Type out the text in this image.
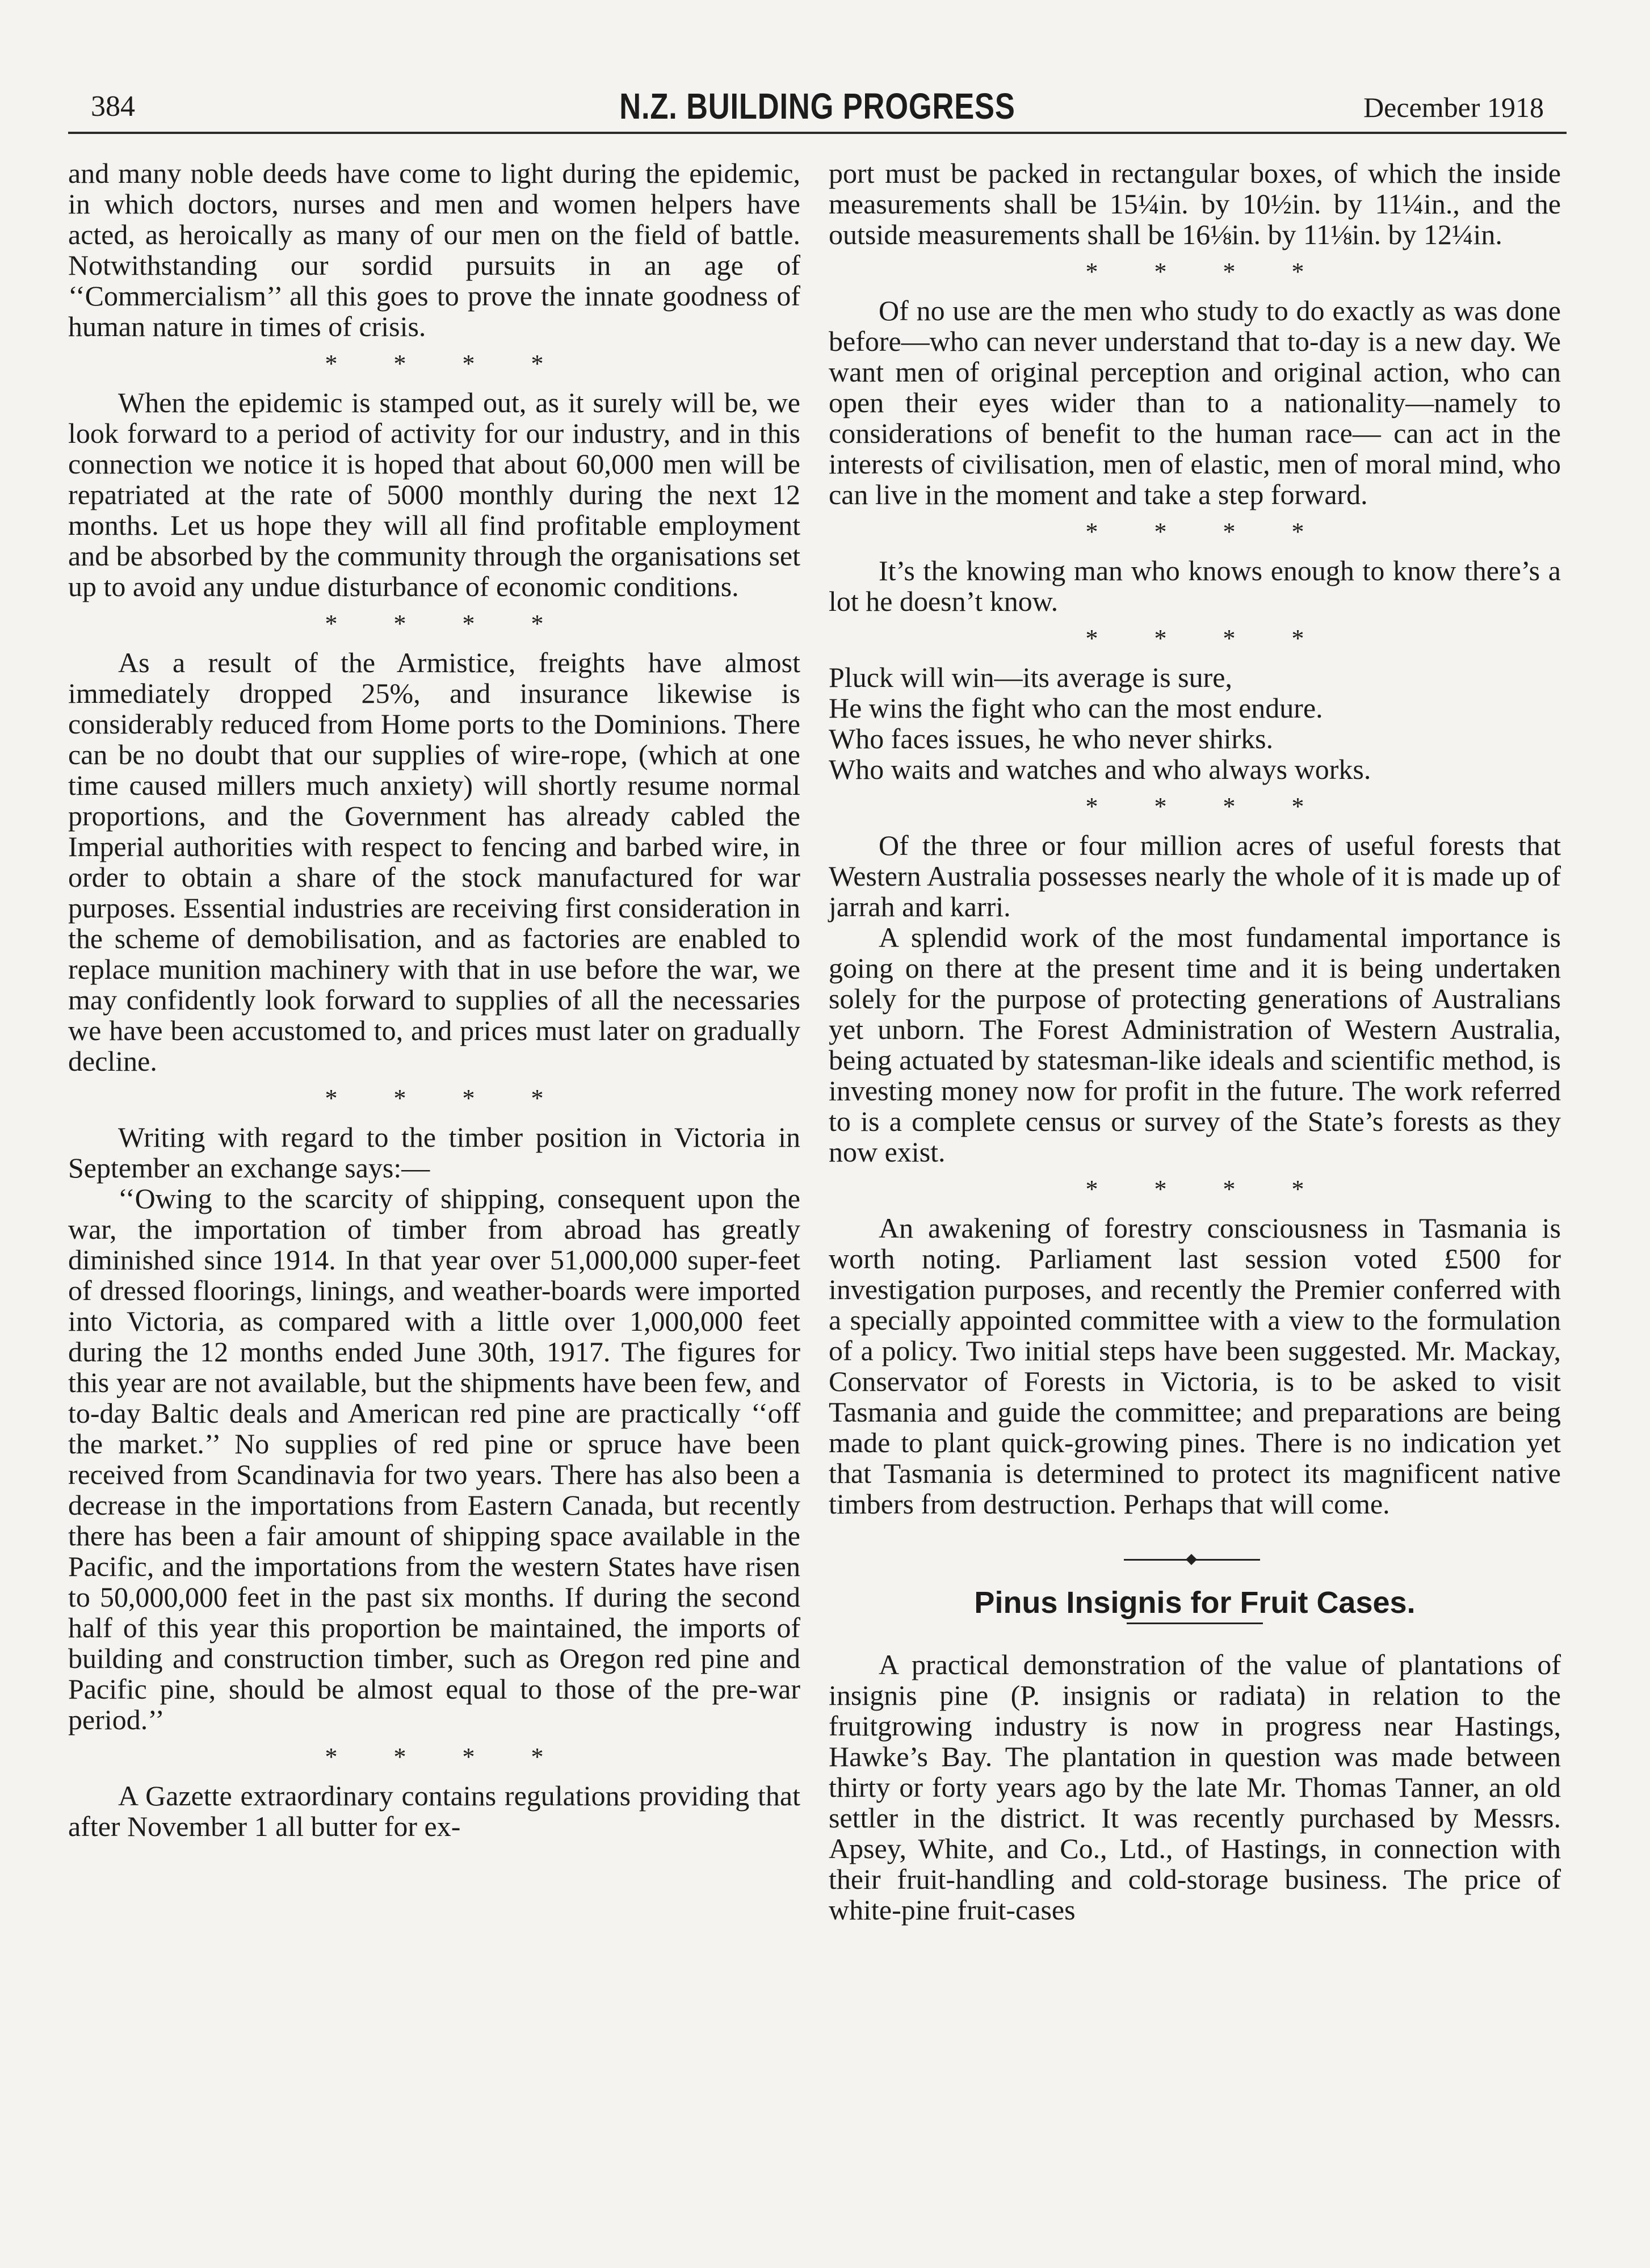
384	N.Z. BUILDING PROGRESS	December 1918

and many noble deeds have come to light during the epidemic, in which doctors, nurses and men and women helpers have acted, as heroically as many of our men on the field of battle. Notwithstanding our sordid pursuits in an age of ‘‘Commercialism’’ all this goes to prove the innate goodness of human nature in times of crisis.

* * * *

When the epidemic is stamped out, as it surely will be, we look forward to a period of activity for our industry, and in this connection we notice it is hoped that about 60,000 men will be repatriated at the rate of 5000 monthly during the next 12 months. Let us hope they will all find profitable employment and be absorbed by the community through the organisations set up to avoid any undue disturbance of economic conditions.

* * * *

As a result of the Armistice, freights have almost immediately dropped 25%, and insurance likewise is considerably reduced from Home ports to the Dominions. There can be no doubt that our supplies of wire-rope, (which at one time caused millers much anxiety) will shortly resume normal proportions, and the Government has already cabled the Imperial authorities with respect to fencing and barbed wire, in order to obtain a share of the stock manufactured for war purposes. Essential industries are receiving first consideration in the scheme of demobilisation, and as factories are enabled to replace munition machinery with that in use before the war, we may confidently look forward to supplies of all the necessaries we have been accustomed to, and prices must later on gradually decline.

* * * *

Writing with regard to the timber position in Victoria in September an exchange says:—

‘‘Owing to the scarcity of shipping, consequent upon the war, the importation of timber from abroad has greatly diminished since 1914. In that year over 51,000,000 super-feet of dressed floorings, linings, and weather-boards were imported into Victoria, as compared with a little over 1,000,000 feet during the 12 months ended June 30th, 1917. The figures for this year are not available, but the shipments have been few, and to-day Baltic deals and American red pine are practically ‘‘off the market.’’ No supplies of red pine or spruce have been received from Scandinavia for two years. There has also been a decrease in the importations from Eastern Canada, but recently there has been a fair amount of shipping space available in the Pacific, and the importations from the western States have risen to 50,000,000 feet in the past six months. If during the second half of this year this proportion be maintained, the imports of building and construction timber, such as Oregon red pine and Pacific pine, should be almost equal to those of the pre-war period.’’

* * * *

A Gazette extraordinary contains regulations providing that after November 1 all butter for ex-

port must be packed in rectangular boxes, of which the inside measurements shall be 15¼in. by 10½in. by 11¼in., and the outside measurements shall be 16⅛in. by 11⅛in. by 12¼in.

* * * *

Of no use are the men who study to do exactly as was done before—who can never understand that to-day is a new day. We want men of original perception and original action, who can open their eyes wider than to a nationality—namely to considerations of benefit to the human race— can act in the interests of civilisation, men of elastic, men of moral mind, who can live in the moment and take a step forward.

* * * *

It’s the knowing man who knows enough to know there’s a lot he doesn’t know.

* * * *
Pluck will win—its average is sure,
He wins the fight who can the most endure.
Who faces issues, he who never shirks.
Who waits and watches and who always works.
* * * *

Of the three or four million acres of useful forests that Western Australia possesses nearly the whole of it is made up of jarrah and karri.

A splendid work of the most fundamental importance is going on there at the present time and it is being undertaken solely for the purpose of protecting generations of Australians yet unborn. The Forest Administration of Western Australia, being actuated by statesman-like ideals and scientific method, is investing money now for profit in the future. The work referred to is a complete census or survey of the State’s forests as they now exist.

* * * *

An awakening of forestry consciousness in Tasmania is worth noting. Parliament last session voted £500 for investigation purposes, and recently the Premier conferred with a specially appointed committee with a view to the formulation of a policy. Two initial steps have been suggested. Mr. Mackay, Conservator of Forests in Victoria, is to be asked to visit Tasmania and guide the committee; and preparations are being made to plant quick-growing pines. There is no indication yet that Tasmania is determined to protect its magnificent native timbers from destruction. Perhaps that will come.

Pinus Insignis for Fruit Cases.

A practical demonstration of the value of plantations of insignis pine (P. insignis or radiata) in relation to the fruitgrowing industry is now in progress near Hastings, Hawke’s Bay. The plantation in question was made between thirty or forty years ago by the late Mr. Thomas Tanner, an old settler in the district. It was recently purchased by Messrs. Apsey, White, and Co., Ltd., of Hastings, in connection with their fruit-handling and cold-storage business. The price of white-pine fruit-cases
